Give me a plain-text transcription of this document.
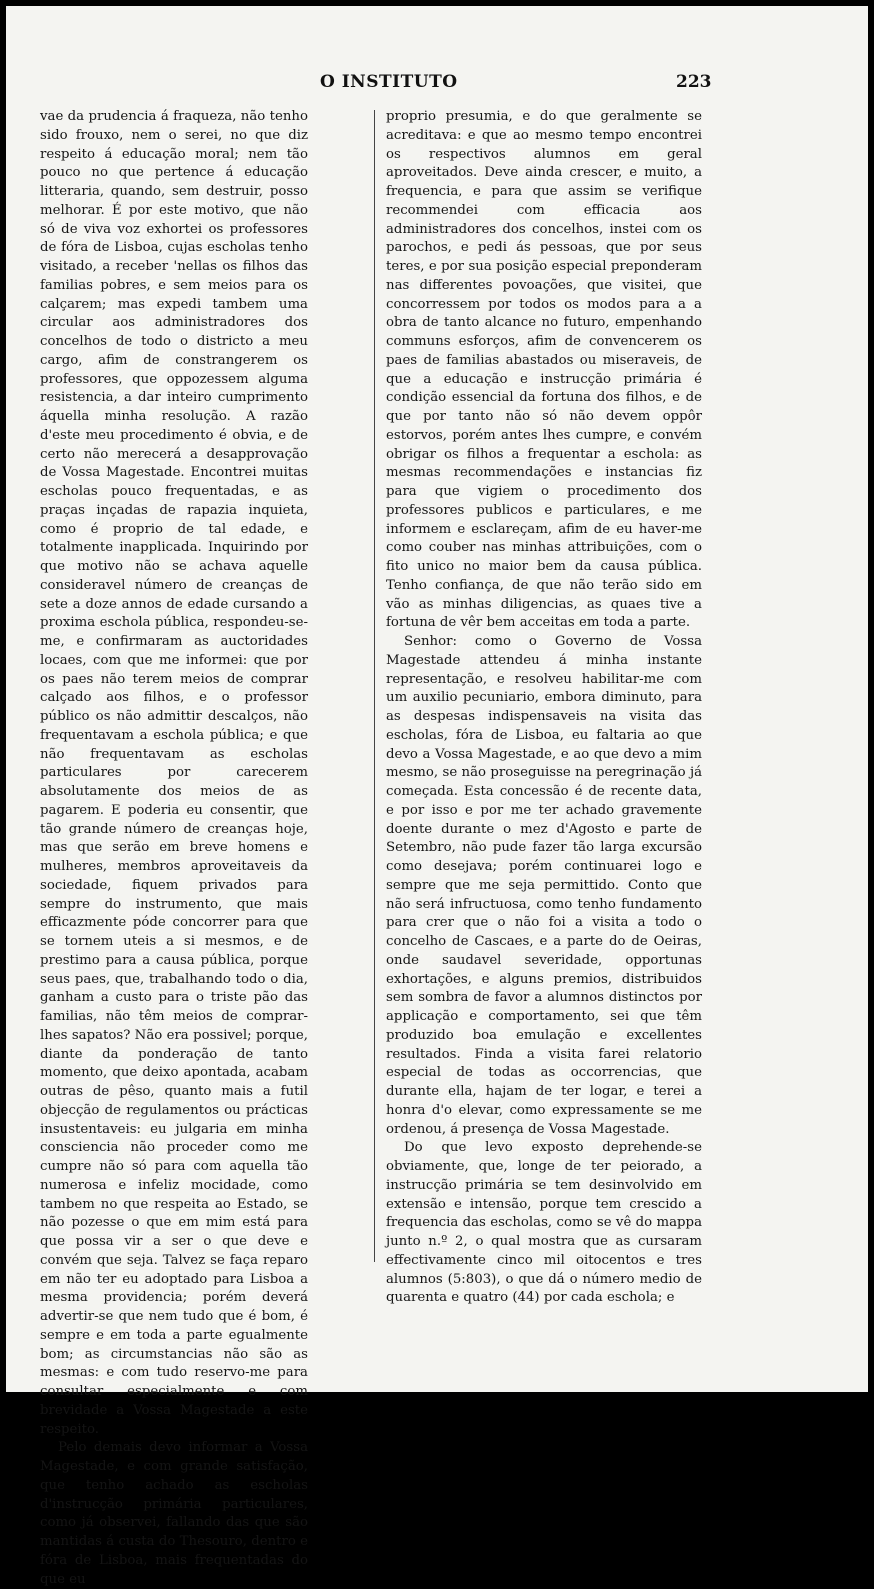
O INSTITUTO	223

vae da prudencia á fraqueza, não tenho sido frouxo, nem o serei, no que diz respeito á educação moral; nem tão pouco no que pertence á educação litteraria, quando, sem destruir, posso melhorar. É por este motivo, que não só de viva voz exhortei os professores de fóra de Lisboa, cujas escholas tenho visitado, a receber 'nellas os filhos das familias pobres, e sem meios para os calçarem; mas expedi tambem uma circular aos administradores dos concelhos de todo o districto a meu cargo, afim de constrangerem os professores, que oppozessem alguma resistencia, a dar inteiro cumprimento áquella minha resolução. A razão d'este meu procedimento é obvia, e de certo não merecerá a desapprovação de Vossa Magestade. Encontrei muitas escholas pouco frequentadas, e as praças inçadas de rapazia inquieta, como é proprio de tal edade, e totalmente inapplicada. Inquirindo por que motivo não se achava aquelle consideravel número de creanças de sete a doze annos de edade cursando a proxima eschola pública, respondeu-se-me, e confirmaram as auctoridades locaes, com que me informei: que por os paes não terem meios de comprar calçado aos filhos, e o professor público os não admittir descalços, não frequentavam a eschola pública; e que não frequentavam as escholas particulares por carecerem absolutamente dos meios de as pagarem. E poderia eu consentir, que tão grande número de creanças hoje, mas que serão em breve homens e mulheres, membros aproveitaveis da sociedade, fiquem privados para sempre do instrumento, que mais efficazmente póde concorrer para que se tornem uteis a si mesmos, e de prestimo para a causa pública, porque seus paes, que, trabalhando todo o dia, ganham a custo para o triste pão das familias, não têm meios de comprar-lhes sapatos? Não era possivel; porque, diante da ponderação de tanto momento, que deixo apontada, acabam outras de pêso, quanto mais a futil objecção de regulamentos ou prácticas insustentaveis: eu julgaria em minha consciencia não proceder como me cumpre não só para com aquella tão numerosa e infeliz mocidade, como tambem no que respeita ao Estado, se não pozesse o que em mim está para que possa vir a ser o que deve e convém que seja. Talvez se faça reparo em não ter eu adoptado para Lisboa a mesma providencia; porém deverá advertir-se que nem tudo que é bom, é sempre e em toda a parte egualmente bom; as circumstancias não são as mesmas: e com tudo reservo-me para consultar especialmente e com brevidade a Vossa Magestade a este respeito.

Pelo demais devo informar a Vossa Magestade, e com grande satisfação, que tenho achado as escholas d'instrucção primária particulares, como já observei, fallando das que são mantidas á custa do Thesouro, dentro e fóra de Lisboa, mais frequentadas do que eu

proprio presumia, e do que geralmente se acreditava: e que ao mesmo tempo encontrei os respectivos alumnos em geral aproveitados. Deve ainda crescer, e muito, a frequencia, e para que assim se verifique recommendei com efficacia aos administradores dos concelhos, instei com os parochos, e pedi ás pessoas, que por seus teres, e por sua posição especial preponderam nas differentes povoações, que visitei, que concorressem por todos os modos para a a obra de tanto alcance no futuro, empenhando communs esforços, afim de convencerem os paes de familias abastados ou miseraveis, de que a educação e instrucção primária é condição essencial da fortuna dos filhos, e de que por tanto não só não devem oppôr estorvos, porém antes lhes cumpre, e convém obrigar os filhos a frequentar a eschola: as mesmas recommendações e instancias fiz para que vigiem o procedimento dos professores publicos e particulares, e me informem e esclareçam, afim de eu haver-me como couber nas minhas attribuições, com o fito unico no maior bem da causa pública. Tenho confiança, de que não terão sido em vão as minhas diligencias, as quaes tive a fortuna de vêr bem acceitas em toda a parte.

Senhor: como o Governo de Vossa Magestade attendeu á minha instante representação, e resolveu habilitar-me com um auxilio pecuniario, embora diminuto, para as despesas indispensaveis na visita das escholas, fóra de Lisboa, eu faltaria ao que devo a Vossa Magestade, e ao que devo a mim mesmo, se não proseguisse na peregrinação já começada. Esta concessão é de recente data, e por isso e por me ter achado gravemente doente durante o mez d'Agosto e parte de Setembro, não pude fazer tão larga excursão como desejava; porém continuarei logo e sempre que me seja permittido. Conto que não será infructuosa, como tenho fundamento para crer que o não foi a visita a todo o concelho de Cascaes, e a parte do de Oeiras, onde saudavel severidade, opportunas exhortações, e alguns premios, distribuidos sem sombra de favor a alumnos distinctos por applicação e comportamento, sei que têm produzido boa emulação e excellentes resultados. Finda a visita farei relatorio especial de todas as occorrencias, que durante ella, hajam de ter logar, e terei a honra d'o elevar, como expressamente se me ordenou, á presença de Vossa Magestade.

Do que levo exposto deprehende-se obviamente, que, longe de ter peiorado, a instrucção primária se tem desinvolvido em extensão e intensão, porque tem crescido a frequencia das escholas, como se vê do mappa junto n.º 2, o qual mostra que as cursaram effectivamente cinco mil oitocentos e tres alumnos (5:803), o que dá o número medio de quarenta e quatro (44) por cada eschola; e
